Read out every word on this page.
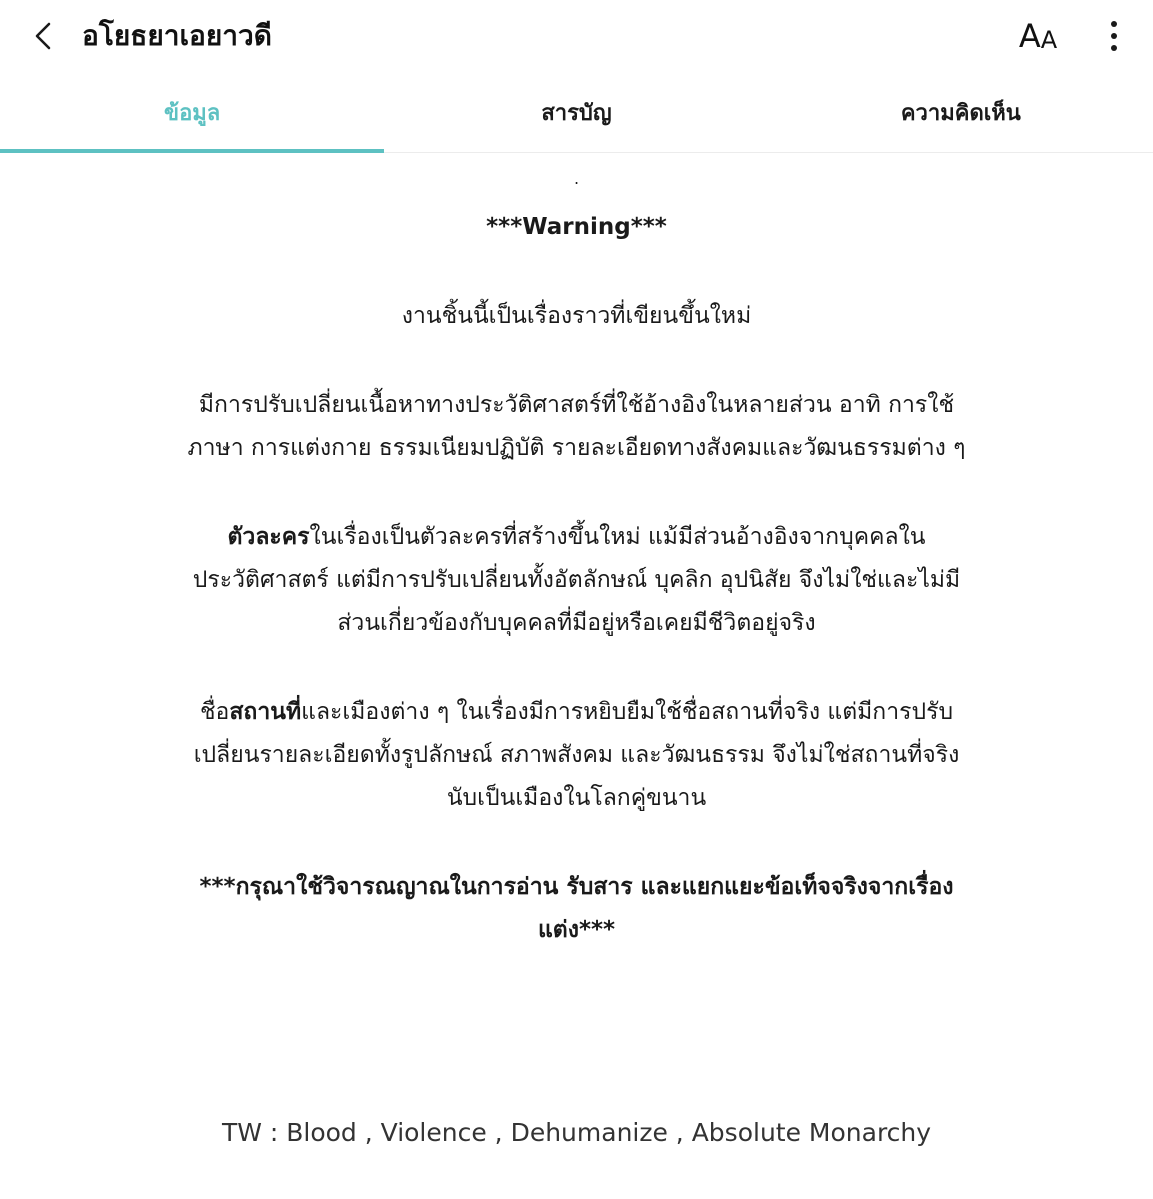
อโยธยาเอยาวดี	A A
ข้อมูล	สารบัญ	ความคิดเห็น
.

***Warning***

งานชิ้นนี้เป็นเรื่องราวที่เขียนขึ้นใหม่

มีการปรับเปลี่ยนเนื้อหาทางประวัติศาสตร์ที่ใช้อ้างอิงในหลายส่วน อาทิ การใช้

ภาษา การแต่งกาย ธรรมเนียมปฏิบัติ รายละเอียดทางสังคมและวัฒนธรรมต่าง ๆ

ตัวละครในเรื่องเป็นตัวละครที่สร้างขึ้นใหม่ แม้มีส่วนอ้างอิงจากบุคคลใน

ประวัติศาสตร์ แต่มีการปรับเปลี่ยนทั้งอัตลักษณ์ บุคลิก อุปนิสัย จึงไม่ใช่และไม่มี

ส่วนเกี่ยวข้องกับบุคคลที่มีอยู่หรือเคยมีชีวิตอยู่จริง

ชื่อสถานที่และเมืองต่าง ๆ ในเรื่องมีการหยิบยืมใช้ชื่อสถานที่จริง แต่มีการปรับ

เปลี่ยนรายละเอียดทั้งรูปลักษณ์ สภาพสังคม และวัฒนธรรม จึงไม่ใช่สถานที่จริง

นับเป็นเมืองในโลกคู่ขนาน

***กรุณาใช้วิจารณญาณในการอ่าน รับสาร และแยกแยะข้อเท็จจริงจากเรื่อง

แต่ง***

TW : Blood , Violence , Dehumanize , Absolute Monarchy
